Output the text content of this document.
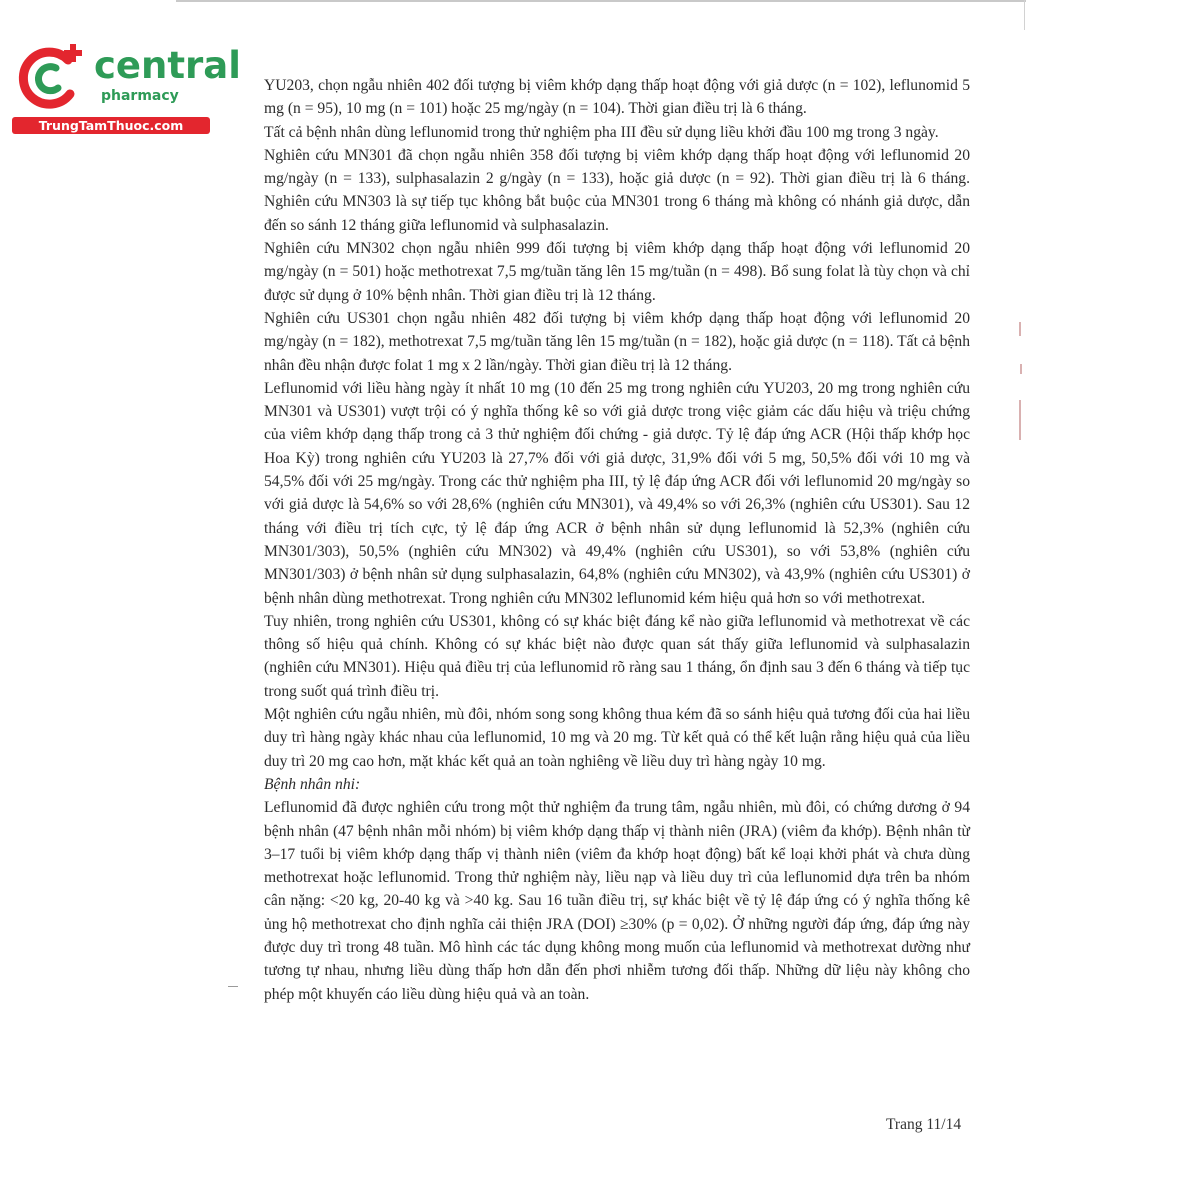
central
pharmacy
TrungTamThuoc.com

YU203, chọn ngẫu nhiên 402 đối tượng bị viêm khớp dạng thấp hoạt động với giả dược (n = 102), leflunomid 5 mg (n = 95), 10 mg (n = 101) hoặc 25 mg/ngày (n = 104). Thời gian điều trị là 6 tháng.

Tất cả bệnh nhân dùng leflunomid trong thử nghiệm pha III đều sử dụng liều khởi đầu 100 mg trong 3 ngày.

Nghiên cứu MN301 đã chọn ngẫu nhiên 358 đối tượng bị viêm khớp dạng thấp hoạt động với leflunomid 20 mg/ngày (n = 133), sulphasalazin 2 g/ngày (n = 133), hoặc giả dược (n = 92). Thời gian điều trị là 6 tháng. Nghiên cứu MN303 là sự tiếp tục không bắt buộc của MN301 trong 6 tháng mà không có nhánh giả dược, dẫn đến so sánh 12 tháng giữa leflunomid và sulphasalazin.

Nghiên cứu MN302 chọn ngẫu nhiên 999 đối tượng bị viêm khớp dạng thấp hoạt động với leflunomid 20 mg/ngày (n = 501) hoặc methotrexat 7,5 mg/tuần tăng lên 15 mg/tuần (n = 498). Bổ sung folat là tùy chọn và chỉ được sử dụng ở 10% bệnh nhân. Thời gian điều trị là 12 tháng.

Nghiên cứu US301 chọn ngẫu nhiên 482 đối tượng bị viêm khớp dạng thấp hoạt động với leflunomid 20 mg/ngày (n = 182), methotrexat 7,5 mg/tuần tăng lên 15 mg/tuần (n = 182), hoặc giả dược (n = 118). Tất cả bệnh nhân đều nhận được folat 1 mg x 2 lần/ngày. Thời gian điều trị là 12 tháng.

Leflunomid với liều hàng ngày ít nhất 10 mg (10 đến 25 mg trong nghiên cứu YU203, 20 mg trong nghiên cứu MN301 và US301) vượt trội có ý nghĩa thống kê so với giả dược trong việc giảm các dấu hiệu và triệu chứng của viêm khớp dạng thấp trong cả 3 thử nghiệm đối chứng - giả dược. Tỷ lệ đáp ứng ACR (Hội thấp khớp học Hoa Kỳ) trong nghiên cứu YU203 là 27,7% đối với giả dược, 31,9% đối với 5 mg, 50,5% đối với 10 mg và 54,5% đối với 25 mg/ngày. Trong các thử nghiệm pha III, tỷ lệ đáp ứng ACR đối với leflunomid 20 mg/ngày so với giả dược là 54,6% so với 28,6% (nghiên cứu MN301), và 49,4% so với 26,3% (nghiên cứu US301). Sau 12 tháng với điều trị tích cực, tỷ lệ đáp ứng ACR ở bệnh nhân sử dụng leflunomid là 52,3% (nghiên cứu MN301/303), 50,5% (nghiên cứu MN302) và 49,4% (nghiên cứu US301), so với 53,8% (nghiên cứu MN301/303) ở bệnh nhân sử dụng sulphasalazin, 64,8% (nghiên cứu MN302), và 43,9% (nghiên cứu US301) ở bệnh nhân dùng methotrexat. Trong nghiên cứu MN302 leflunomid kém hiệu quả hơn so với methotrexat.

Tuy nhiên, trong nghiên cứu US301, không có sự khác biệt đáng kể nào giữa leflunomid và methotrexat về các thông số hiệu quả chính. Không có sự khác biệt nào được quan sát thấy giữa leflunomid và sulphasalazin (nghiên cứu MN301). Hiệu quả điều trị của leflunomid rõ ràng sau 1 tháng, ổn định sau 3 đến 6 tháng và tiếp tục trong suốt quá trình điều trị.

Một nghiên cứu ngẫu nhiên, mù đôi, nhóm song song không thua kém đã so sánh hiệu quả tương đối của hai liều duy trì hàng ngày khác nhau của leflunomid, 10 mg và 20 mg. Từ kết quả có thể kết luận rằng hiệu quả của liều duy trì 20 mg cao hơn, mặt khác kết quả an toàn nghiêng về liều duy trì hàng ngày 10 mg.

Bệnh nhân nhi:

Leflunomid đã được nghiên cứu trong một thử nghiệm đa trung tâm, ngẫu nhiên, mù đôi, có chứng dương ở 94 bệnh nhân (47 bệnh nhân mỗi nhóm) bị viêm khớp dạng thấp vị thành niên (JRA) (viêm đa khớp). Bệnh nhân từ 3–17 tuổi bị viêm khớp dạng thấp vị thành niên (viêm đa khớp hoạt động) bất kể loại khởi phát và chưa dùng methotrexat hoặc leflunomid. Trong thử nghiệm này, liều nạp và liều duy trì của leflunomid dựa trên ba nhóm cân nặng: <20 kg, 20-40 kg và >40 kg. Sau 16 tuần điều trị, sự khác biệt về tỷ lệ đáp ứng có ý nghĩa thống kê ủng hộ methotrexat cho định nghĩa cải thiện JRA (DOI) ≥30% (p = 0,02). Ở những người đáp ứng, đáp ứng này được duy trì trong 48 tuần. Mô hình các tác dụng không mong muốn của leflunomid và methotrexat dường như tương tự nhau, nhưng liều dùng thấp hơn dẫn đến phơi nhiễm tương đối thấp. Những dữ liệu này không cho phép một khuyến cáo liều dùng hiệu quả và an toàn.

Trang 11/14
